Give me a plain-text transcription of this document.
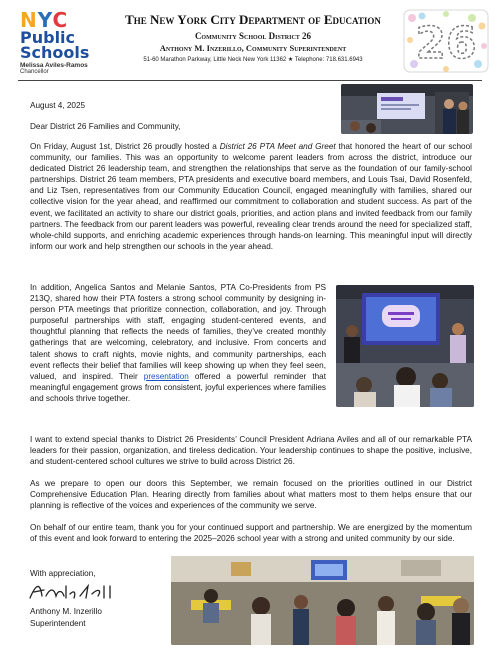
NYC
Public
Schools
Melissa Aviles-Ramos
Chancellor
The New York City Department of Education
Community School District 26
Anthony M. Inzerillo, Community Superintendent
51-60 Marathon Parkway, Little Neck New York 11362 ★ Telephone: 718.631.6943	26
August 4, 2025
Dear District 26 Families and Community,
On Friday, August 1st, District 26 proudly hosted a District 26 PTA Meet and Greet that honored the heart of our school community, our families. This was an opportunity to welcome parent leaders from across the district, introduce our dedicated District 26 leadership team, and strengthen the relationships that serve as the foundation of our family-school partnerships. District 26 team members, PTA presidents and executive board members, and Louis Tsai, David Rosenfeld, and Liz Tsen, representatives from our Community Education Council, engaged meaningfully with families, shared our collective vision for the year ahead, and reaffirmed our commitment to collaboration and student success. As part of the event, we facilitated an activity to share our district goals, priorities, and action plans and invited feedback from our family partners. The feedback from our parent leaders was powerful, revealing clear trends around the need for specialized staff, whole-child supports, and enriching academic experiences through hands-on learning. This meaningful input will directly inform our work and help strengthen our schools in the year ahead.
In addition, Angelica Santos and Melanie Santos, PTA Co-Presidents from PS 213Q, shared how their PTA fosters a strong school community by designing in-person PTA meetings that prioritize connection, collaboration, and joy. Through purposeful partnerships with staff, engaging student-centered events, and thoughtful planning that reflects the needs of families, they’ve created monthly gatherings that are welcoming, celebratory, and inclusive. From concerts and talent shows to craft nights, movie nights, and community partnerships, each event reflects their belief that families will keep showing up when they feel seen, valued, and inspired. Their presentation offered a powerful reminder that meaningful engagement grows from consistent, joyful experiences where families and schools thrive together.
I want to extend special thanks to District 26 Presidents’ Council President Adriana Aviles and all of our remarkable PTA leaders for their passion, organization, and tireless dedication. Your leadership continues to shape the positive, inclusive, and student-centered school cultures we strive to build across District 26.
As we prepare to open our doors this September, we remain focused on the priorities outlined in our District Comprehensive Education Plan. Hearing directly from families about what matters most to them helps ensure that our planning is reflective of the voices and experiences of the community we serve.
On behalf of our entire team, thank you for your continued support and partnership. We are energized by the momentum of this event and look forward to entering the 2025–2026 school year with a strong and united community by our side.
With appreciation,
Anthony M. Inzerillo
Superintendent
